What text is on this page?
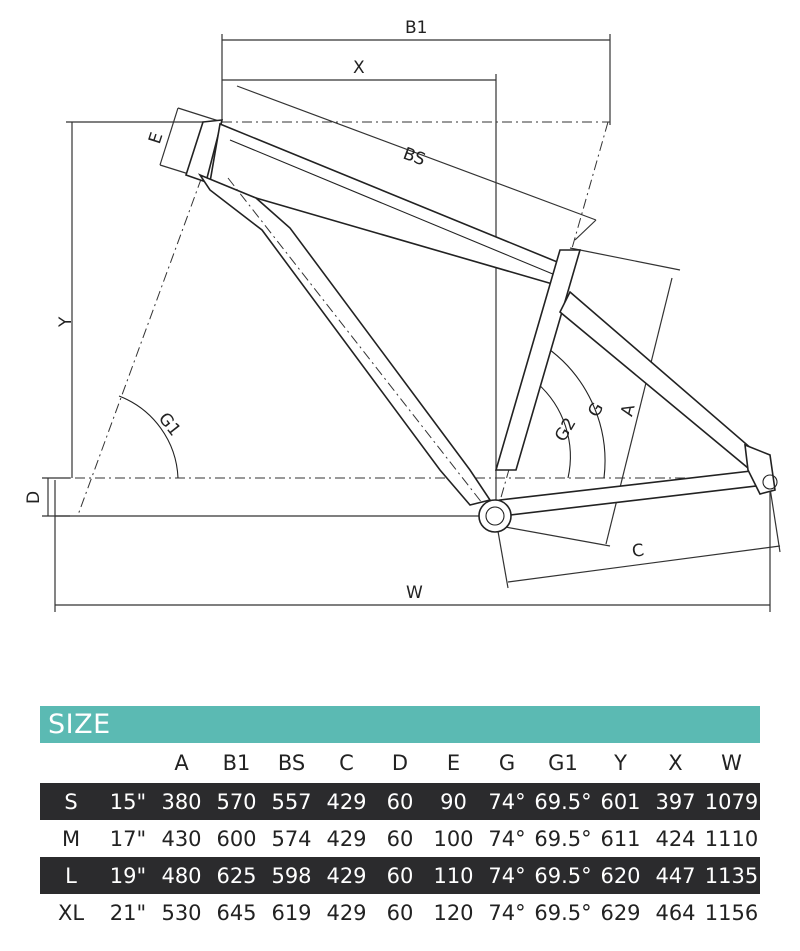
B1
X
BS
E
Y
D
G1	G2
G A
C
W
SIZE
		A	B1	BS	C	D	E	G	G1	Y	X	W
S	15"	380	570	557	429	60	90	74°	69.5°	601	397	1079
M	17"	430	600	574	429	60	100	74°	69.5°	611	424	1110
L	19"	480	625	598	429	60	110	74°	69.5°	620	447	1135
XL	21"	530	645	619	429	60	120	74°	69.5°	629	464	1156
